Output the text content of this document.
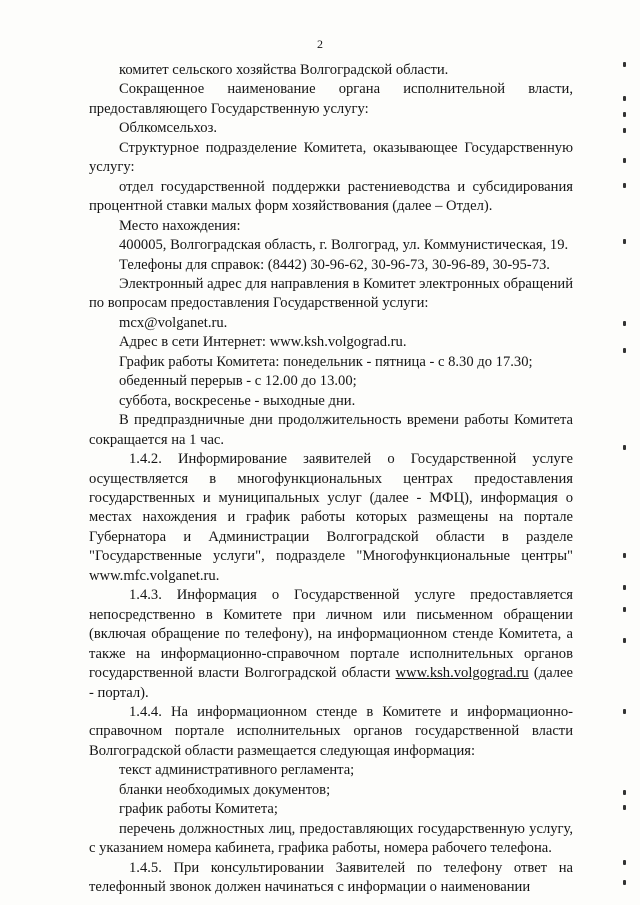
2

комитет сельского хозяйства Волгоградской области.

Сокращенное наименование органа исполнительной власти, предоставляющего Государственную услугу:

Облкомсельхоз.

Структурное подразделение Комитета, оказывающее Государственную услугу:

отдел государственной поддержки растениеводства и субсидирования процентной ставки малых форм хозяйствования (далее – Отдел).

Место нахождения:

400005, Волгоградская область, г. Волгоград, ул. Коммунистическая, 19.

Телефоны для справок: (8442) 30-96-62, 30-96-73, 30-96-89, 30-95-73.

Электронный адрес для направления в Комитет электронных обращений по вопросам предоставления Государственной услуги:

mcx@volganet.ru.

Адрес в сети Интернет: www.ksh.volgograd.ru.

График работы Комитета: понедельник - пятница - с 8.30 до 17.30;

обеденный перерыв - с 12.00 до 13.00;

суббота, воскресенье - выходные дни.

В предпраздничные дни продолжительность времени работы Комитета сокращается на 1 час.

1.4.2. Информирование заявителей о Государственной услуге осуществляется в многофункциональных центрах предоставления государственных и муниципальных услуг (далее - МФЦ), информация о местах нахождения и график работы которых размещены на портале Губернатора и Администрации Волгоградской области в разделе "Государственные услуги", подразделе "Многофункциональные центры" www.mfc.volganet.ru.

1.4.3. Информация о Государственной услуге предоставляется непосредственно в Комитете при личном или письменном обращении (включая обращение по телефону), на информационном стенде Комитета, а также на информационно-справочном портале исполнительных органов государственной власти Волгоградской области www.ksh.volgograd.ru (далее - портал).

1.4.4. На информационном стенде в Комитете и информационно-справочном портале исполнительных органов государственной власти Волгоградской области размещается следующая информация:

текст административного регламента;

бланки необходимых документов;

график работы Комитета;

перечень должностных лиц, предоставляющих государственную услугу, с указанием номера кабинета, графика работы, номера рабочего телефона.

1.4.5. При консультировании Заявителей по телефону ответ на телефонный звонок должен начинаться с информации о наименовании
